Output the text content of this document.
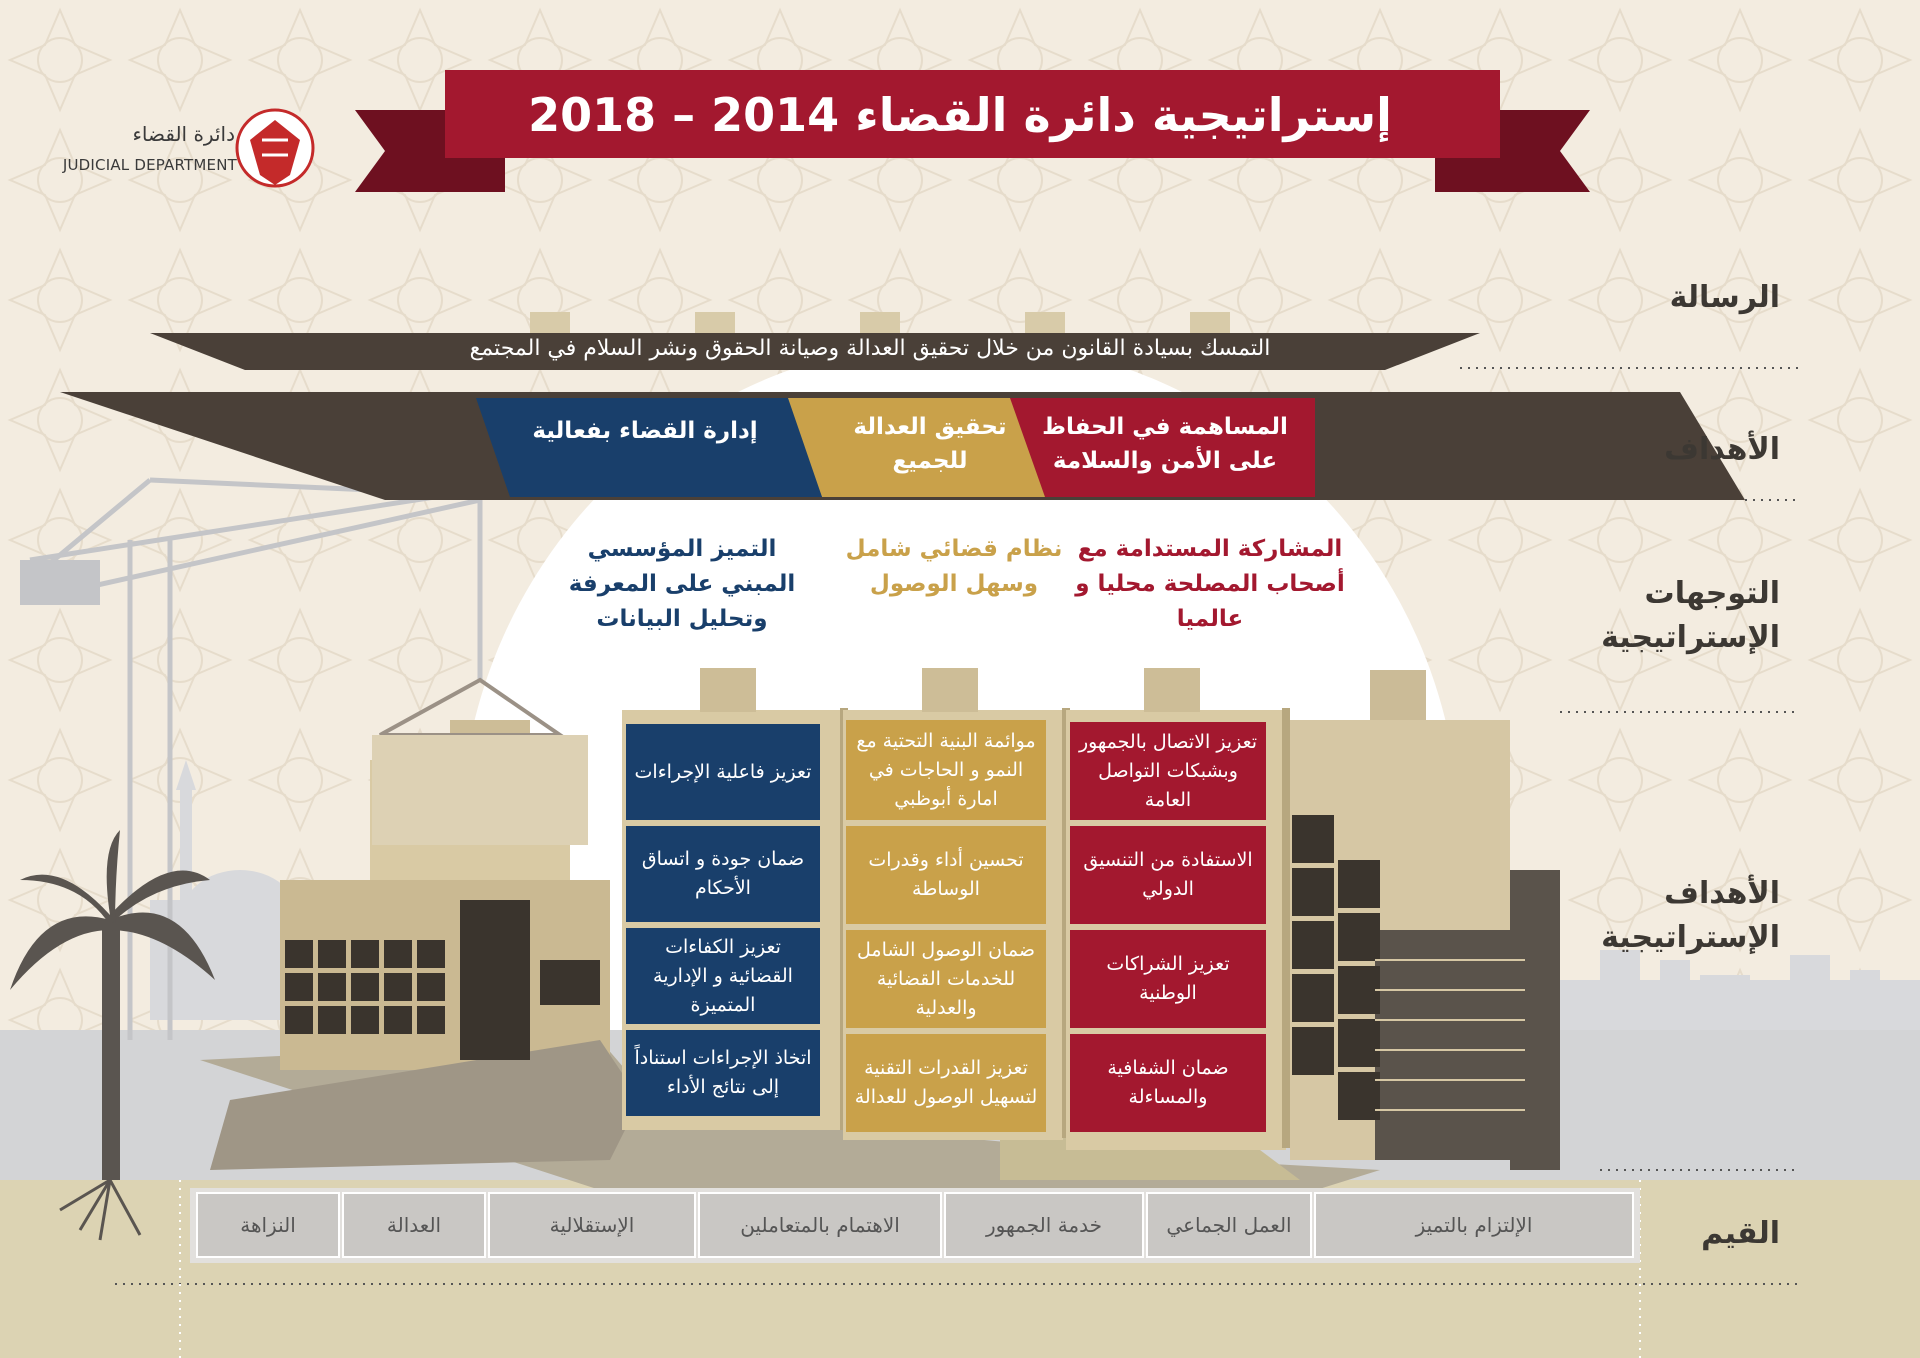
دائرة القضاء
JUDICIAL DEPARTMENT
إستراتيجية دائرة القضاء 2014 – 2018
الرسالة
الأهداف
التوجهات الإستراتيجية
الأهداف الإستراتيجية
القيم
التمسك بسيادة القانون من خلال تحقيق العدالة وصيانة الحقوق ونشر السلام في المجتمع
المساهمة في الحفاظ على الأمن والسلامة
تحقيق العدالة للجميع
إدارة القضاء بفعالية
المشاركة المستدامة مع أصحاب المصلحة محليا و عالميا
نظام قضائي شامل وسهل الوصول
التميز المؤسسي المبني على المعرفة وتحليل البيانات
تعزيز فاعلية الإجراءات
ضمان جودة و اتساق الأحكام
تعزيز الكفاءات القضائية و الإدارية المتميزة
اتخاذ الإجراءات استناداً إلى نتائج الأداء
موائمة البنية التحتية مع النمو و الحاجات في امارة أبوظبي
تحسين أداء وقدرات الوساطة
ضمان الوصول الشامل للخدمات القضائية والعدلية
تعزيز القدرات التقنية لتسهيل الوصول للعدالة
تعزيز الاتصال بالجمهور وبشبكات التواصل العامة
الاستفادة من التنسيق الدولي
تعزيز الشراكات الوطنية
ضمان الشفافية والمساءلة
الإلتزام بالتميز
العمل الجماعي
خدمة الجمهور
الاهتمام بالمتعاملين
الإستقلالية
العدالة
النزاهة
